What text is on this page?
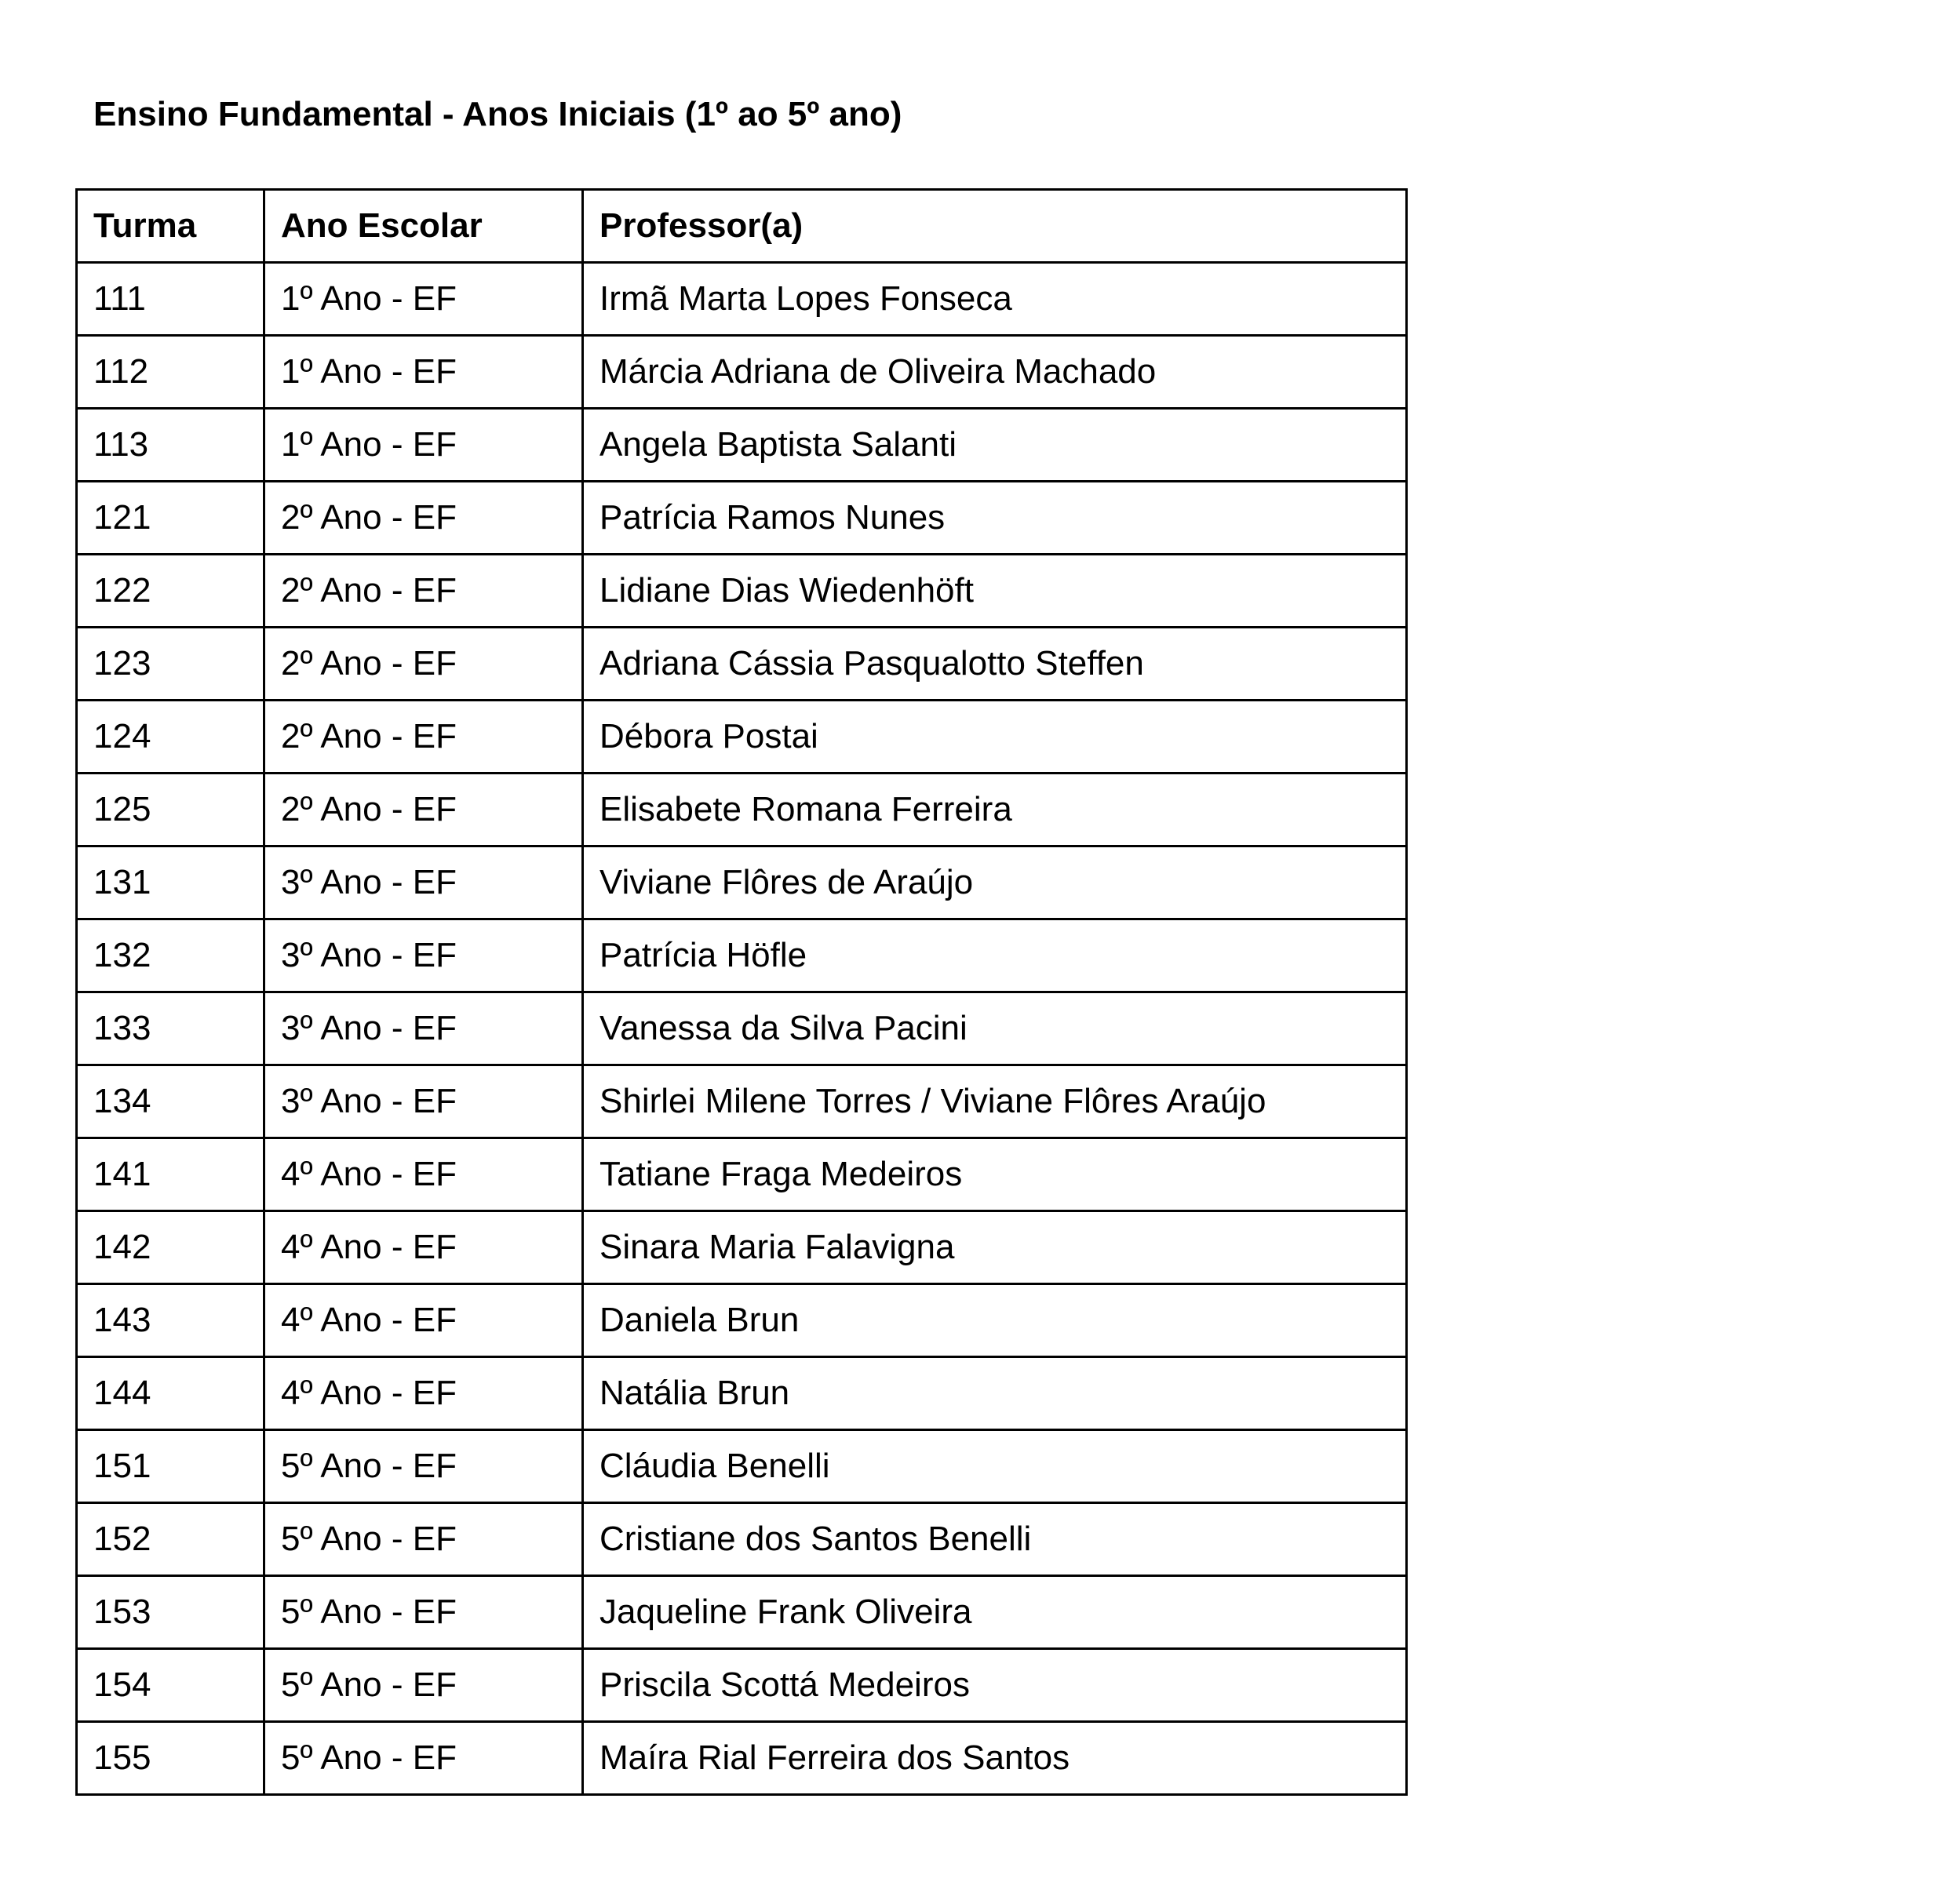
Ensino Fundamental - Anos Iniciais (1º ao 5º ano)
Turma	Ano Escolar	Professor(a)
111	1º Ano - EF	Irmã Marta Lopes Fonseca
112	1º Ano - EF	Márcia Adriana de Oliveira Machado
113	1º Ano - EF	Angela Baptista Salanti
121	2º Ano - EF	Patrícia Ramos Nunes
122	2º Ano - EF	Lidiane Dias Wiedenhöft
123	2º Ano - EF	Adriana Cássia Pasqualotto Steffen
124	2º Ano - EF	Débora Postai
125	2º Ano - EF	Elisabete Romana Ferreira
131	3º Ano - EF	Viviane Flôres de Araújo
132	3º Ano - EF	Patrícia Höfle
133	3º Ano - EF	Vanessa da Silva Pacini
134	3º Ano - EF	Shirlei Milene Torres / Viviane Flôres Araújo
141	4º Ano - EF	Tatiane Fraga Medeiros
142	4º Ano - EF	Sinara Maria Falavigna
143	4º Ano - EF	Daniela Brun
144	4º Ano - EF	Natália Brun
151	5º Ano - EF	Cláudia Benelli
152	5º Ano - EF	Cristiane dos Santos Benelli
153	5º Ano - EF	Jaqueline Frank Oliveira
154	5º Ano - EF	Priscila Scottá Medeiros
155	5º Ano - EF	Maíra Rial Ferreira dos Santos
